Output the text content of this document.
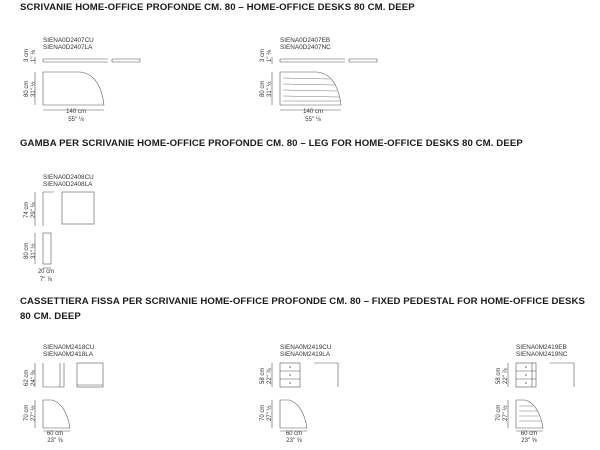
SCRIVANIE HOME-OFFICE PROFONDE CM. 80 – HOME-OFFICE DESKS 80 CM. DEEP
GAMBA PER SCRIVANIE HOME-OFFICE PROFONDE CM. 80 – LEG FOR HOME-OFFICE DESKS 80 CM. DEEP
CASSETTIERA FISSA PER SCRIVANIE HOME-OFFICE PROFONDE CM. 80 – FIXED PEDESTAL FOR HOME-OFFICE DESKS
80 CM. DEEP
SIENA0D2407CU
SIENA0D2407LA
3 cm 1" ⅛
80 cm 31" ½
140 cm
55" ⅛
SIENA0D2407EB
SIENA0D2407NC
3 cm 1" ⅛
80 cm 31" ½
140 cm
55" ⅛
SIENA0D2408CU
SIENA0D2408LA
74 cm 29" ⅛
80 cm 31" ½
20 cm
7" ⅞
SIENA0M2418CU
SIENA0M2418LA
62 cm 24" ⅜
70 cm 27" ½
60 cm
23" ⅝
SIENA0M2419CU
SIENA0M2419LA
58 cm 22" ⅞
70 cm 27" ½
60 cm
23" ⅝
SIENA0M2419EB
SIENA0M2419NC
58 cm 22" ⅞
70 cm 27" ½
60 cm
23" ⅝
